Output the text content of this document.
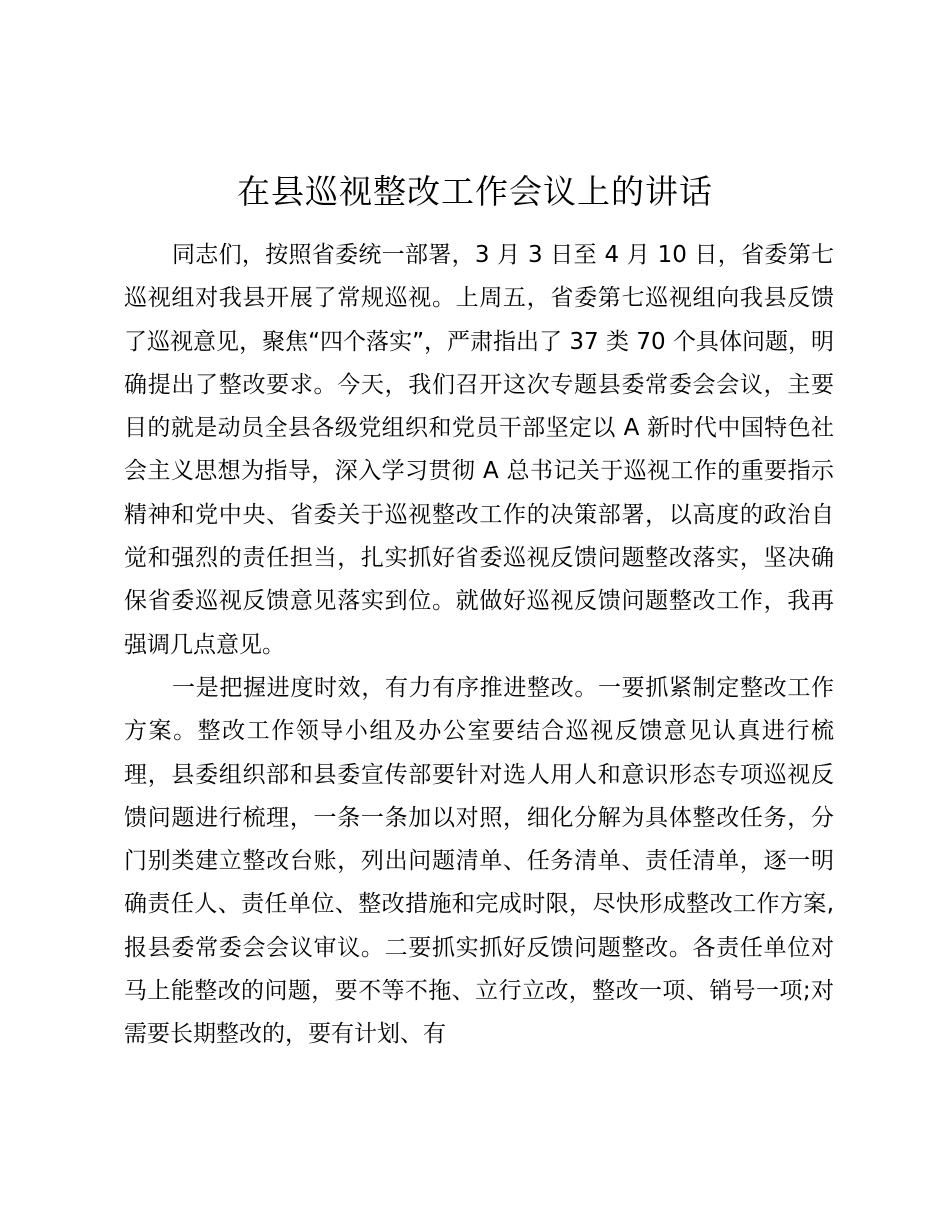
在县巡视整改工作会议上的讲话

同志们，按照省委统一部署，3 月 3 日至 4 月 10 日，省委第七巡视组对我县开展了常规巡视。上周五，省委第七巡视组向我县反馈了巡视意见，聚焦“四个落实”，严肃指出了 37 类 70 个具体问题，明确提出了整改要求。今天，我们召开这次专题县委常委会会议，主要目的就是动员全县各级党组织和党员干部坚定以 A 新时代中国特色社会主义思想为指导，深入学习贯彻 A 总书记关于巡视工作的重要指示精神和党中央、省委关于巡视整改工作的决策部署，以高度的政治自觉和强烈的责任担当，扎实抓好省委巡视反馈问题整改落实，坚决确保省委巡视反馈意见落实到位。就做好巡视反馈问题整改工作，我再强调几点意见。

一是把握进度时效，有力有序推进整改。一要抓紧制定整改工作方案。整改工作领导小组及办公室要结合巡视反馈意见认真进行梳理，县委组织部和县委宣传部要针对选人用人和意识形态专项巡视反馈问题进行梳理，一条一条加以对照，细化分解为具体整改任务，分门别类建立整改台账，列出问题清单、任务清单、责任清单，逐一明确责任人、责任单位、整改措施和完成时限，尽快形成整改工作方案,报县委常委会会议审议。二要抓实抓好反馈问题整改。各责任单位对马上能整改的问题，要不等不拖、立行立改，整改一项、销号一项;对需要长期整改的，要有计划、有
